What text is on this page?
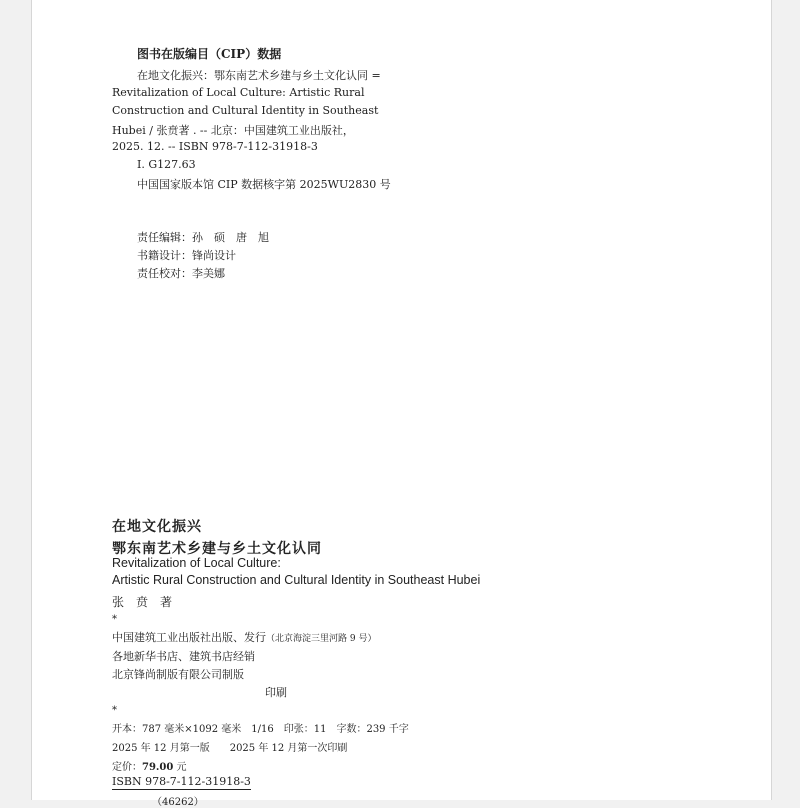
图书在版编目（CIP）数据
在地文化振兴：鄂东南艺术乡建与乡土文化认同 =
Revitalization of Local Culture: Artistic Rural
Construction and Cultural Identity in Southeast
Hubei / 张贲著 . -- 北京：中国建筑工业出版社，
2025. 12. -- ISBN 978-7-112-31918-3
Ⅰ. G127.63
中国国家版本馆 CIP 数据核字第 2025WU2830 号
责任编辑：孙　硕　唐　旭
书籍设计：锋尚设计
责任校对：李美娜
在地文化振兴
鄂东南艺术乡建与乡土文化认同
Revitalization of Local Culture:
Artistic Rural Construction and Cultural Identity in Southeast Hubei
张　贲　著
*
中国建筑工业出版社出版、发行（北京海淀三里河路 9 号）
各地新华书店、建筑书店经销
北京锋尚制版有限公司制版
印刷
*
开本：787 毫米×1092 毫米　1/16　印张：11　字数：239 千字
2025 年 12 月第一版　　2025 年 12 月第一次印刷
定价：79.00 元
ISBN 978-7-112-31918-3
（46262）
